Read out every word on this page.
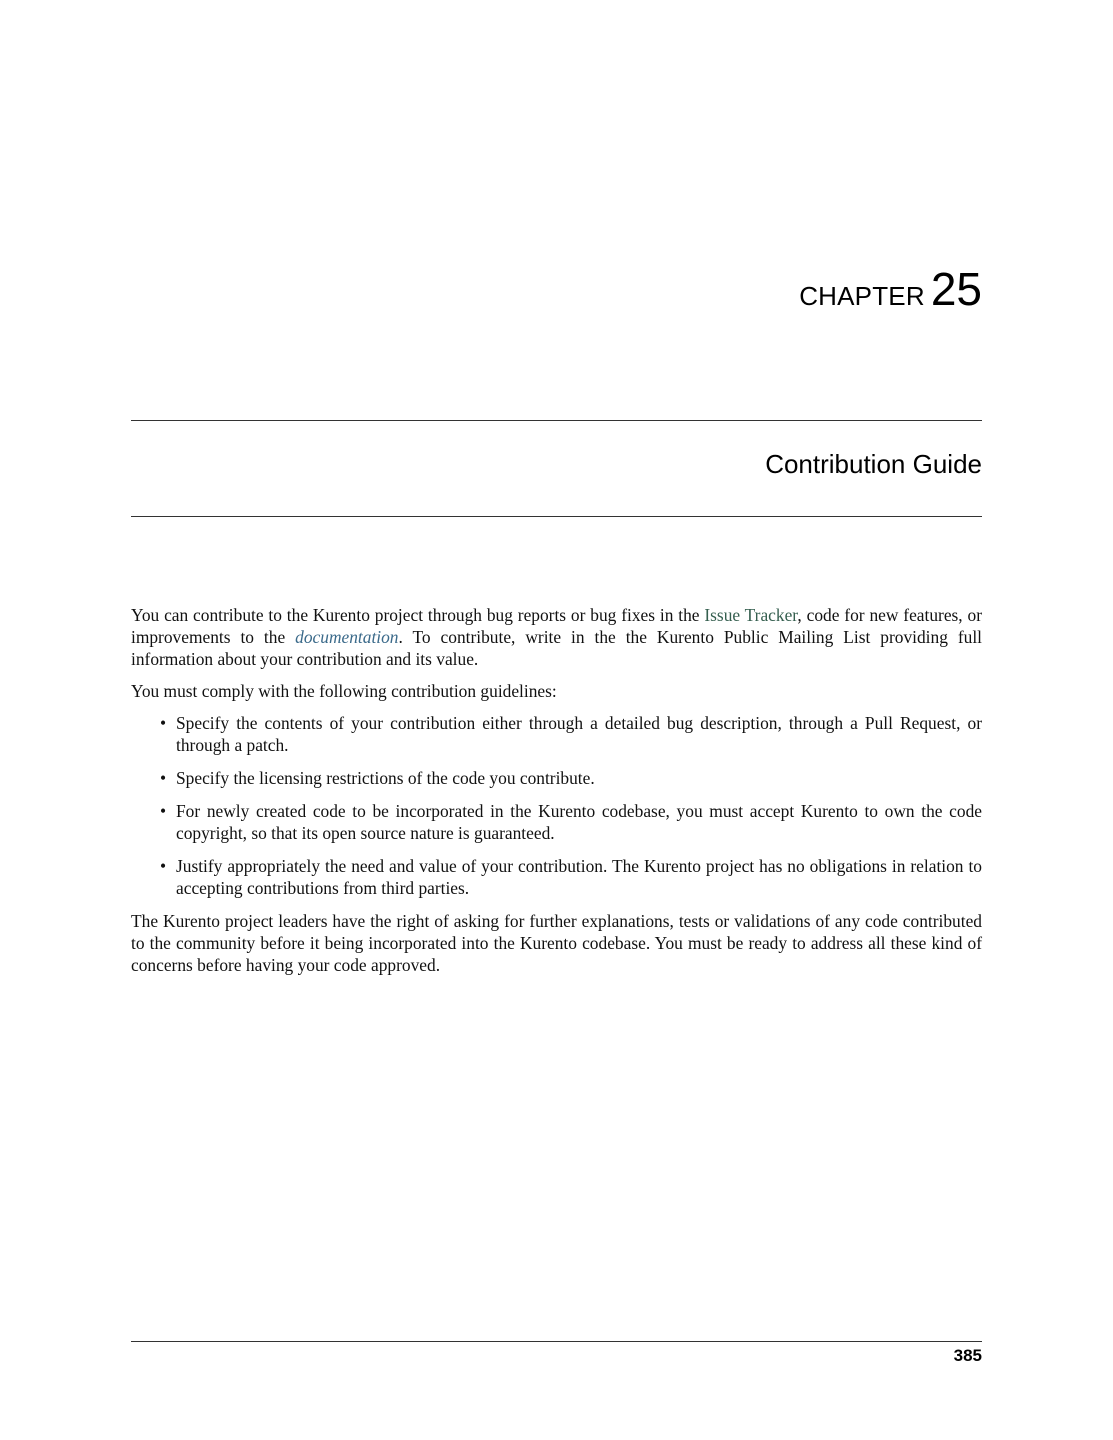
CHAPTER 25
Contribution Guide

You can contribute to the Kurento project through bug reports or bug fixes in the Issue Tracker, code for new features, or improvements to the documentation. To contribute, write in the the Kurento Public Mailing List providing full information about your contribution and its value.

You must comply with the following contribution guidelines:

• Specify the contents of your contribution either through a detailed bug description, through a Pull Request, or through a patch.
• Specify the licensing restrictions of the code you contribute.
• For newly created code to be incorporated in the Kurento codebase, you must accept Kurento to own the code copyright, so that its open source nature is guaranteed.
• Justify appropriately the need and value of your contribution. The Kurento project has no obligations in relation to accepting contributions from third parties.

The Kurento project leaders have the right of asking for further explanations, tests or validations of any code contributed to the community before it being incorporated into the Kurento codebase. You must be ready to address all these kind of concerns before having your code approved.

385
